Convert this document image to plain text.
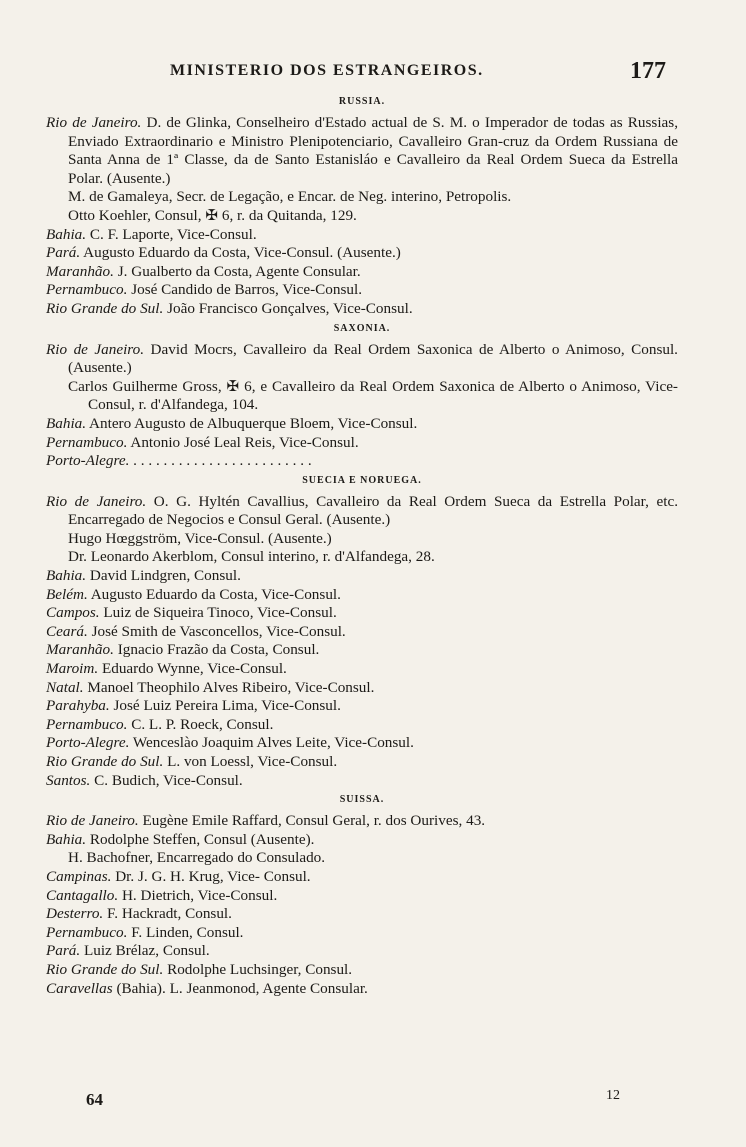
MINISTERIO DOS ESTRANGEIROS.	177
RUSSIA.
Rio de Janeiro. D. de Glinka, Conselheiro d'Estado actual de S. M. o Imperador de todas as Russias, Enviado Extraordinario e Ministro Plenipotenciario, Cavalleiro Gran-cruz da Ordem Russiana de Santa Anna de 1ª Classe, da de Santo Estanisláo e Cavalleiro da Real Ordem Sueca da Estrella Polar. (Ausente.)
M. de Gamaleya, Secr. de Legação, e Encar. de Neg. interino, Petropolis.
Otto Koehler, Consul, ✠ 6, r. da Quitanda, 129.
Bahia. C. F. Laporte, Vice-Consul.
Pará. Augusto Eduardo da Costa, Vice-Consul. (Ausente.)
Maranhão. J. Gualberto da Costa, Agente Consular.
Pernambuco. José Candido de Barros, Vice-Consul.
Rio Grande do Sul. João Francisco Gonçalves, Vice-Consul.
SAXONIA.
Rio de Janeiro. David Mocrs, Cavalleiro da Real Ordem Saxonica de Alberto o Animoso, Consul. (Ausente.)
Carlos Guilherme Gross, ✠ 6, e Cavalleiro da Real Ordem Saxonica de Alberto o Animoso, Vice-Consul, r. d'Alfandega, 104.
Bahia. Antero Augusto de Albuquerque Bloem, Vice-Consul.
Pernambuco. Antonio José Leal Reis, Vice-Consul.
Porto-Alegre. . . . . . . . . . . . . . . . . . . . . . . . .
SUECIA E NORUEGA.
Rio de Janeiro. O. G. Hyltén Cavallius, Cavalleiro da Real Ordem Sueca da Estrella Polar, etc. Encarregado de Negocios e Consul Geral. (Ausente.)
Hugo Hœggström, Vice-Consul. (Ausente.)
Dr. Leonardo Akerblom, Consul interino, r. d'Alfandega, 28.
Bahia. David Lindgren, Consul.
Belém. Augusto Eduardo da Costa, Vice-Consul.
Campos. Luiz de Siqueira Tinoco, Vice-Consul.
Ceará. José Smith de Vasconcellos, Vice-Consul.
Maranhão. Ignacio Frazão da Costa, Consul.
Maroim. Eduardo Wynne, Vice-Consul.
Natal. Manoel Theophilo Alves Ribeiro, Vice-Consul.
Parahyba. José Luiz Pereira Lima, Vice-Consul.
Pernambuco. C. L. P. Roeck, Consul.
Porto-Alegre. Wenceslào Joaquim Alves Leite, Vice-Consul.
Rio Grande do Sul. L. von Loessl, Vice-Consul.
Santos. C. Budich, Vice-Consul.
SUISSA.
Rio de Janeiro. Eugène Emile Raffard, Consul Geral, r. dos Ourives, 43.
Bahia. Rodolphe Steffen, Consul (Ausente).
H. Bachofner, Encarregado do Consulado.
Campinas. Dr. J. G. H. Krug, Vice- Consul.
Cantagallo. H. Dietrich, Vice-Consul.
Desterro. F. Hackradt, Consul.
Pernambuco. F. Linden, Consul.
Pará. Luiz Brélaz, Consul.
Rio Grande do Sul. Rodolphe Luchsinger, Consul.
Caravellas (Bahia). L. Jeanmonod, Agente Consular.
64	12
